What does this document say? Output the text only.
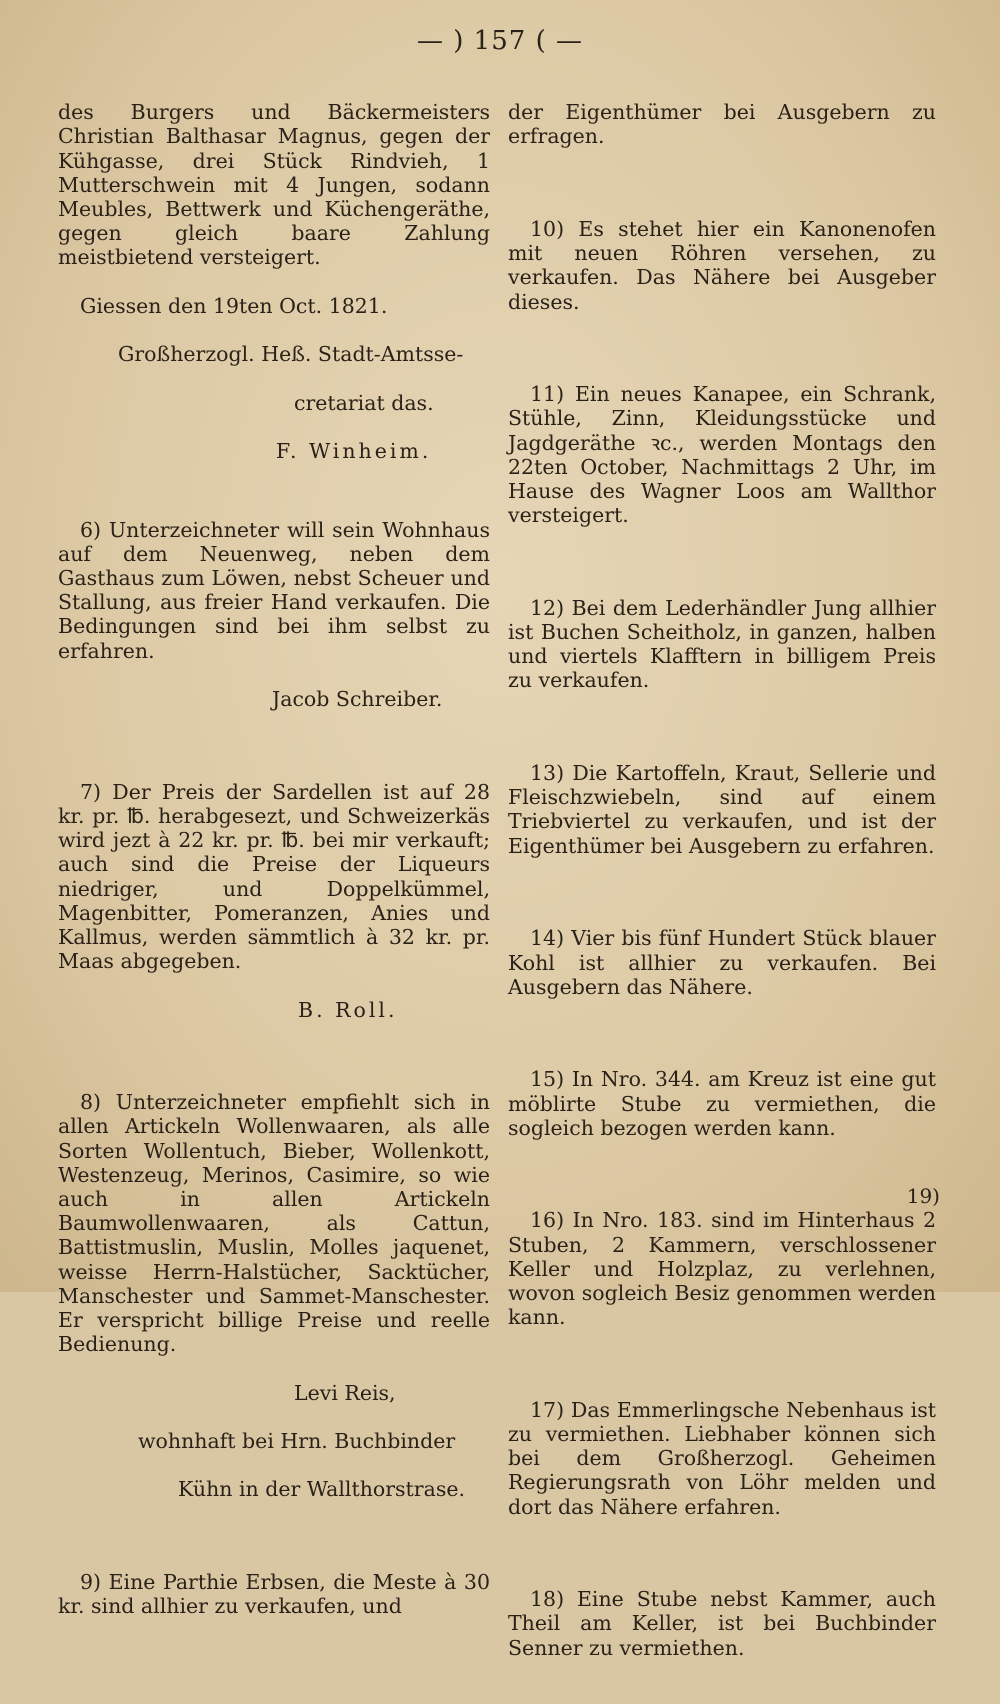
— ) 157 ( —

des Burgers und Bäckermeisters Christian Balthasar Magnus, gegen der Kühgasse, drei Stück Rindvieh, 1 Mutterschwein mit 4 Jungen, sodann Meubles, Bettwerk und Küchengeräthe, gegen gleich baare Zahlung meistbietend versteigert.

Giessen den 19ten Oct. 1821.

Großherzogl. Heß. Stadt-Amtsse-

cretariat das.

F. Winheim.

6) Unterzeichneter will sein Wohnhaus auf dem Neuenweg, neben dem Gasthaus zum Löwen, nebst Scheuer und Stallung, aus freier Hand verkaufen. Die Bedingungen sind bei ihm selbst zu erfahren.

Jacob Schreiber.

7) Der Preis der Sardellen ist auf 28 kr. pr. ℔. herabgesezt, und Schweizerkäs wird jezt à 22 kr. pr. ℔. bei mir verkauft; auch sind die Preise der Liqueurs niedriger, und Doppelkümmel, Magenbitter, Pomeranzen, Anies und Kallmus, werden sämmtlich à 32 kr. pr. Maas abgegeben.

B. Roll.

8) Unterzeichneter empfiehlt sich in allen Artickeln Wollenwaaren, als alle Sorten Wollentuch, Bieber, Wollenkott, Westenzeug, Merinos, Casimire, so wie auch in allen Artickeln Baumwollenwaaren, als Cattun, Battistmuslin, Muslin, Molles jaquenet, weisse Herrn-Halstücher, Sacktücher, Manschester und Sammet-Manschester. Er verspricht billige Preise und reelle Bedienung.

Levi Reis,

wohnhaft bei Hrn. Buchbinder

Kühn in der Wallthorstrase.

9) Eine Parthie Erbsen, die Meste à 30 kr. sind allhier zu verkaufen, und

der Eigenthümer bei Ausgebern zu erfragen.

10) Es stehet hier ein Kanonenofen mit neuen Röhren versehen, zu verkaufen. Das Nähere bei Ausgeber dieses.

11) Ein neues Kanapee, ein Schrank, Stühle, Zinn, Kleidungsstücke und Jagdgeräthe ꝛc., werden Montags den 22ten October, Nachmittags 2 Uhr, im Hause des Wagner Loos am Wallthor versteigert.

12) Bei dem Lederhändler Jung allhier ist Buchen Scheitholz, in ganzen, halben und viertels Klafftern in billigem Preis zu verkaufen.

13) Die Kartoffeln, Kraut, Sellerie und Fleischzwiebeln, sind auf einem Triebviertel zu verkaufen, und ist der Eigenthümer bei Ausgebern zu erfahren.

14) Vier bis fünf Hundert Stück blauer Kohl ist allhier zu verkaufen. Bei Ausgebern das Nähere.

15) In Nro. 344. am Kreuz ist eine gut möblirte Stube zu vermiethen, die sogleich bezogen werden kann.

16) In Nro. 183. sind im Hinterhaus 2 Stuben, 2 Kammern, verschlossener Keller und Holzplaz, zu verlehnen, wovon sogleich Besiz genommen werden kann.

17) Das Emmerlingsche Nebenhaus ist zu vermiethen. Liebhaber können sich bei dem Großherzogl. Geheimen Regierungsrath von Löhr melden und dort das Nähere erfahren.

18) Eine Stube nebst Kammer, auch Theil am Keller, ist bei Buchbinder Senner zu vermiethen.

19)
